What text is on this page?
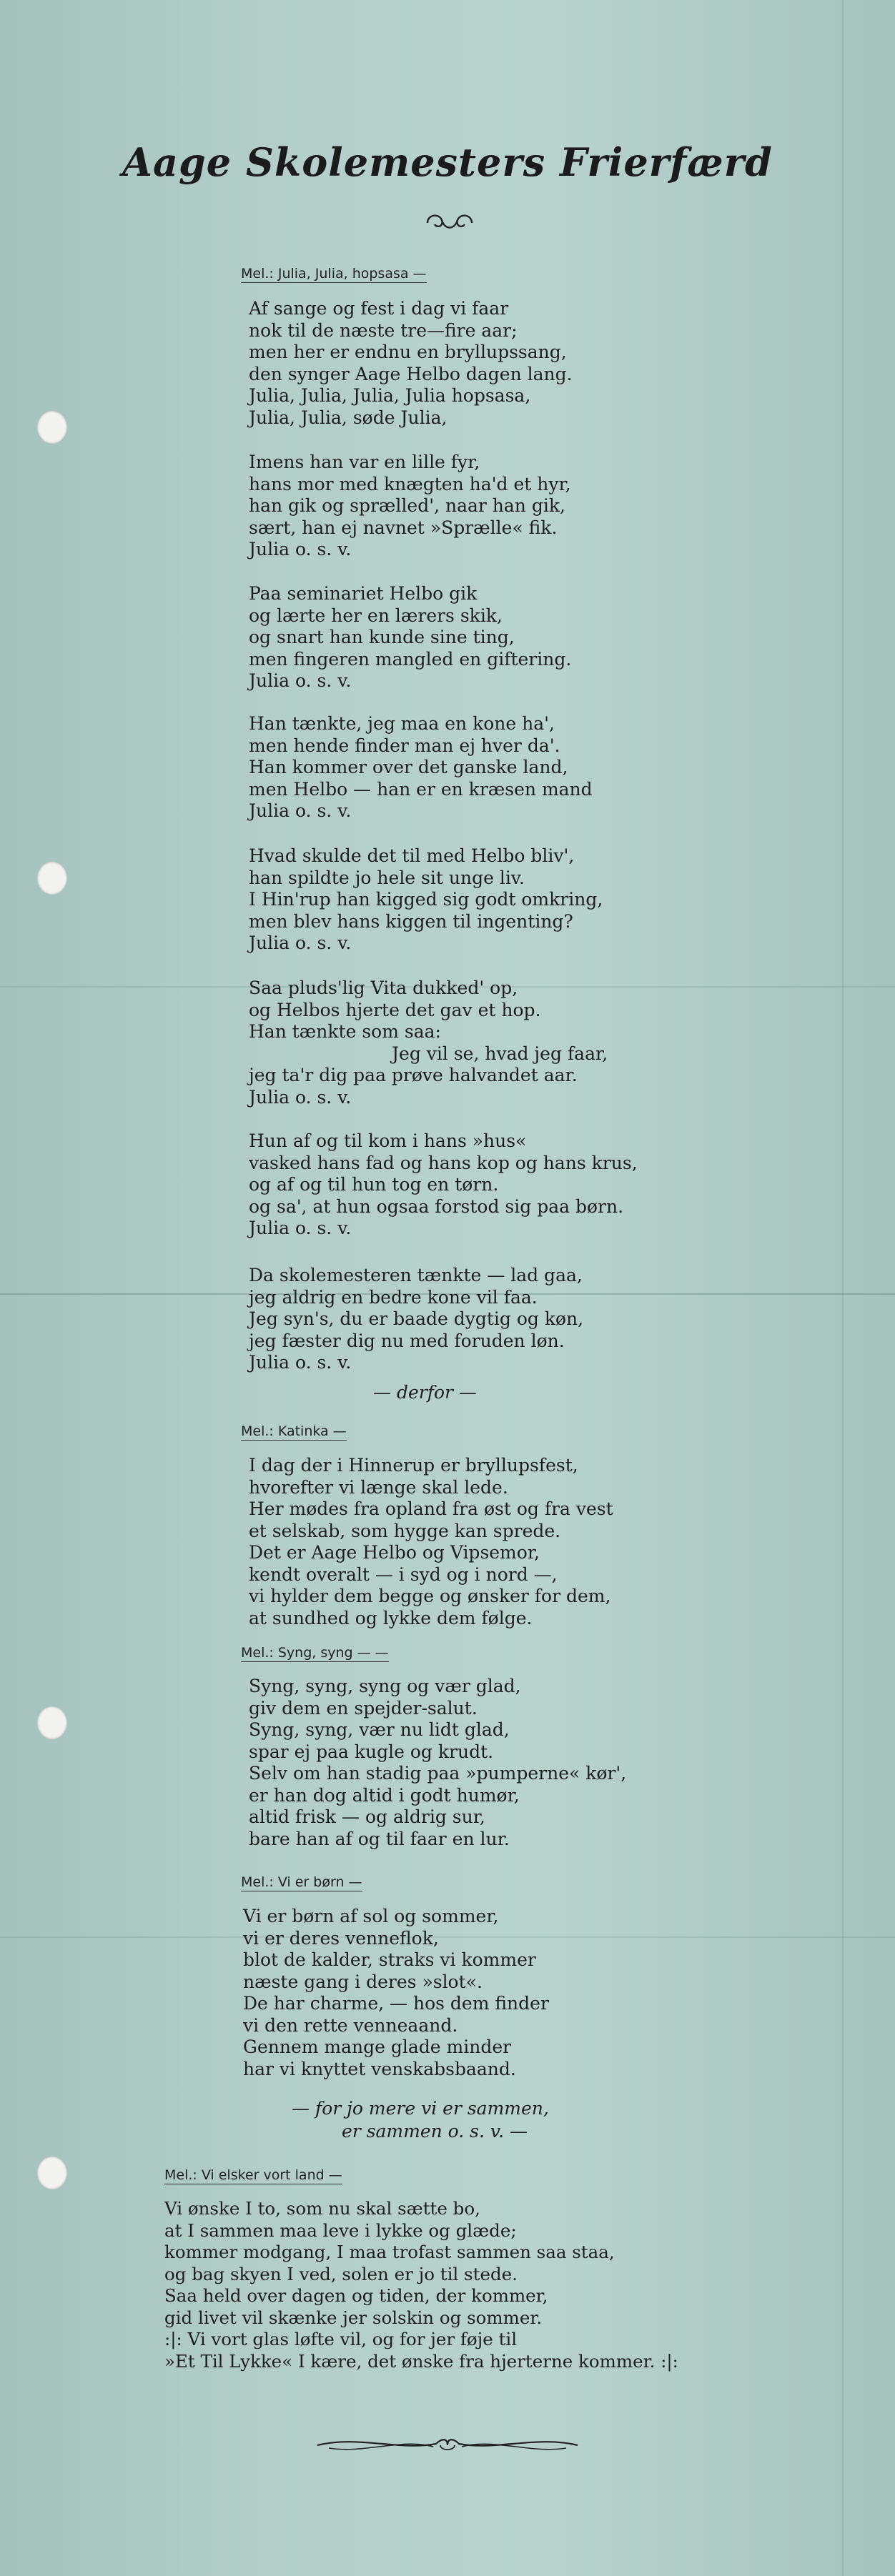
Aage Skolemesters Frierfærd
Mel.: Julia, Julia, hopsasa —
Af sange og fest i dag vi faar
nok til de næste tre—fire aar;
men her er endnu en bryllupssang,
den synger Aage Helbo dagen lang.
Julia, Julia, Julia, Julia hopsasa,
Julia, Julia, søde Julia,
Imens han var en lille fyr,
hans mor med knægten ha'd et hyr,
han gik og sprælled', naar han gik,
sært, han ej navnet »Sprælle« fik.
Julia o. s. v.
Paa seminariet Helbo gik
og lærte her en lærers skik,
og snart han kunde sine ting,
men fingeren mangled en giftering.
Julia o. s. v.
Han tænkte, jeg maa en kone ha',
men hende finder man ej hver da'.
Han kommer over det ganske land,
men Helbo — han er en kræsen mand
Julia o. s. v.
Hvad skulde det til med Helbo bliv',
han spildte jo hele sit unge liv.
I Hin'rup han kigged sig godt omkring,
men blev hans kiggen til ingenting?
Julia o. s. v.
Saa pluds'lig Vita dukked' op,
og Helbos hjerte det gav et hop.
Han tænkte som saa:
Jeg vil se, hvad jeg faar,
jeg ta'r dig paa prøve halvandet aar.
Julia o. s. v.
Hun af og til kom i hans »hus«
vasked hans fad og hans kop og hans krus,
og af og til hun tog en tørn.
og sa', at hun ogsaa forstod sig paa børn.
Julia o. s. v.
Da skolemesteren tænkte — lad gaa,
jeg aldrig en bedre kone vil faa.
Jeg syn's, du er baade dygtig og køn,
jeg fæster dig nu med foruden løn.
Julia o. s. v.
— derfor —
Mel.: Katinka —
I dag der i Hinnerup er bryllupsfest,
hvorefter vi længe skal lede.
Her mødes fra opland fra øst og fra vest
et selskab, som hygge kan sprede.
Det er Aage Helbo og Vipsemor,
kendt overalt — i syd og i nord —,
vi hylder dem begge og ønsker for dem,
at sundhed og lykke dem følge.
Mel.: Syng, syng — —
Syng, syng, syng og vær glad,
giv dem en spejder-salut.
Syng, syng, vær nu lidt glad,
spar ej paa kugle og krudt.
Selv om han stadig paa »pumperne« kør',
er han dog altid i godt humør,
altid frisk — og aldrig sur,
bare han af og til faar en lur.
Mel.: Vi er børn —
Vi er børn af sol og sommer,
vi er deres venneflok,
blot de kalder, straks vi kommer
næste gang i deres »slot«.
De har charme, — hos dem finder
vi den rette venneaand.
Gennem mange glade minder
har vi knyttet venskabsbaand.
— for jo mere vi er sammen,
er sammen o. s. v. —
Mel.: Vi elsker vort land —
Vi ønske I to, som nu skal sætte bo,
at I sammen maa leve i lykke og glæde;
kommer modgang, I maa trofast sammen saa staa,
og bag skyen I ved, solen er jo til stede.
Saa held over dagen og tiden, der kommer,
gid livet vil skænke jer solskin og sommer.
:|: Vi vort glas løfte vil, og for jer føje til
»Et Til Lykke« I kære, det ønske fra hjerterne kommer. :|:
